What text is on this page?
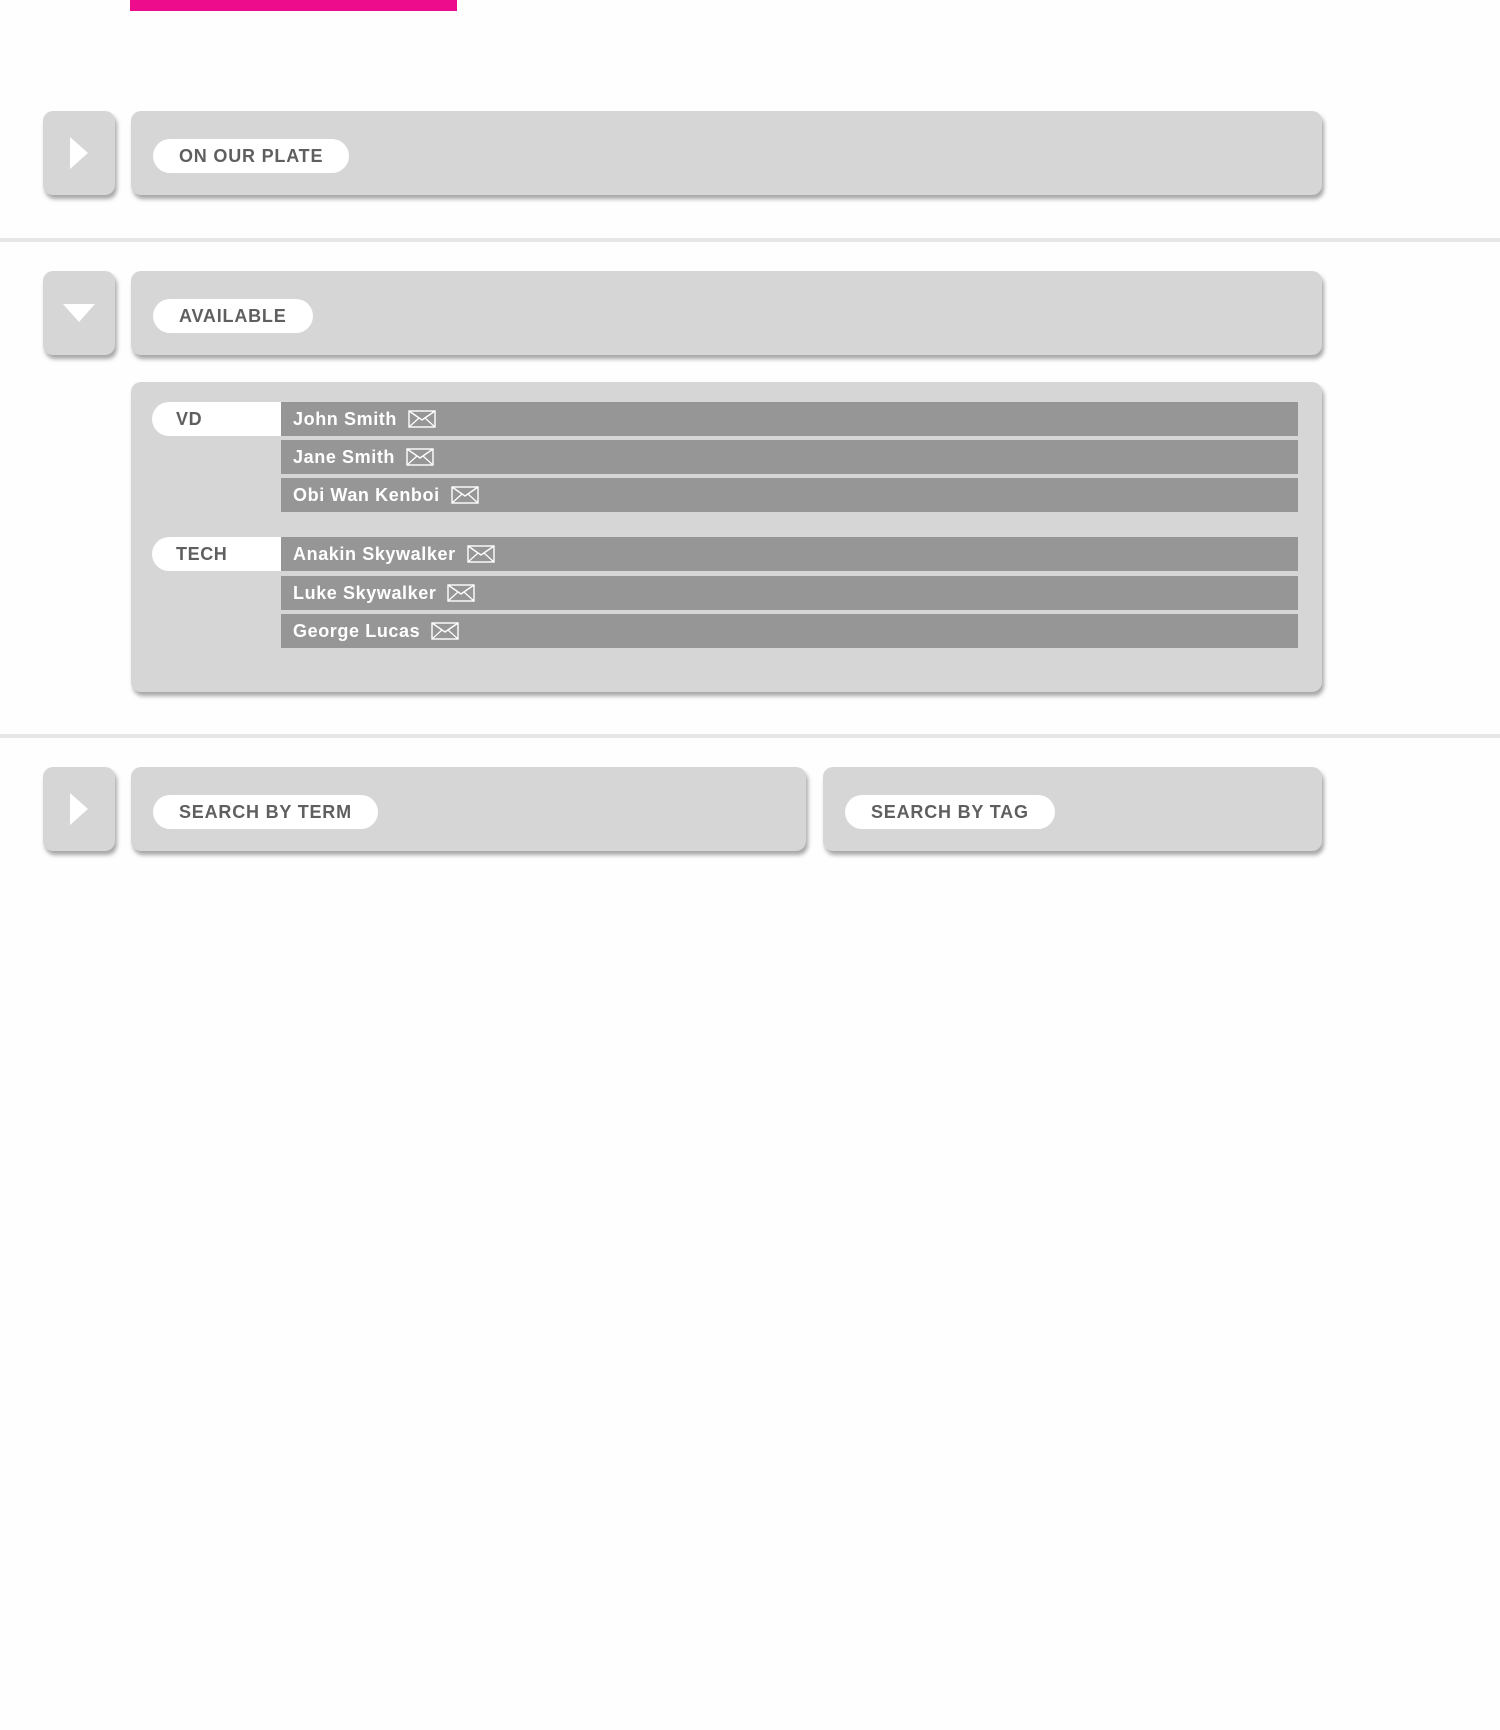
ON OUR PLATE
AVAILABLE
VD	John Smith
Jane Smith
Obi Wan Kenboi
TECH	Anakin Skywalker
Luke Skywalker
George Lucas
SEARCH BY TERM	SEARCH BY TAG
